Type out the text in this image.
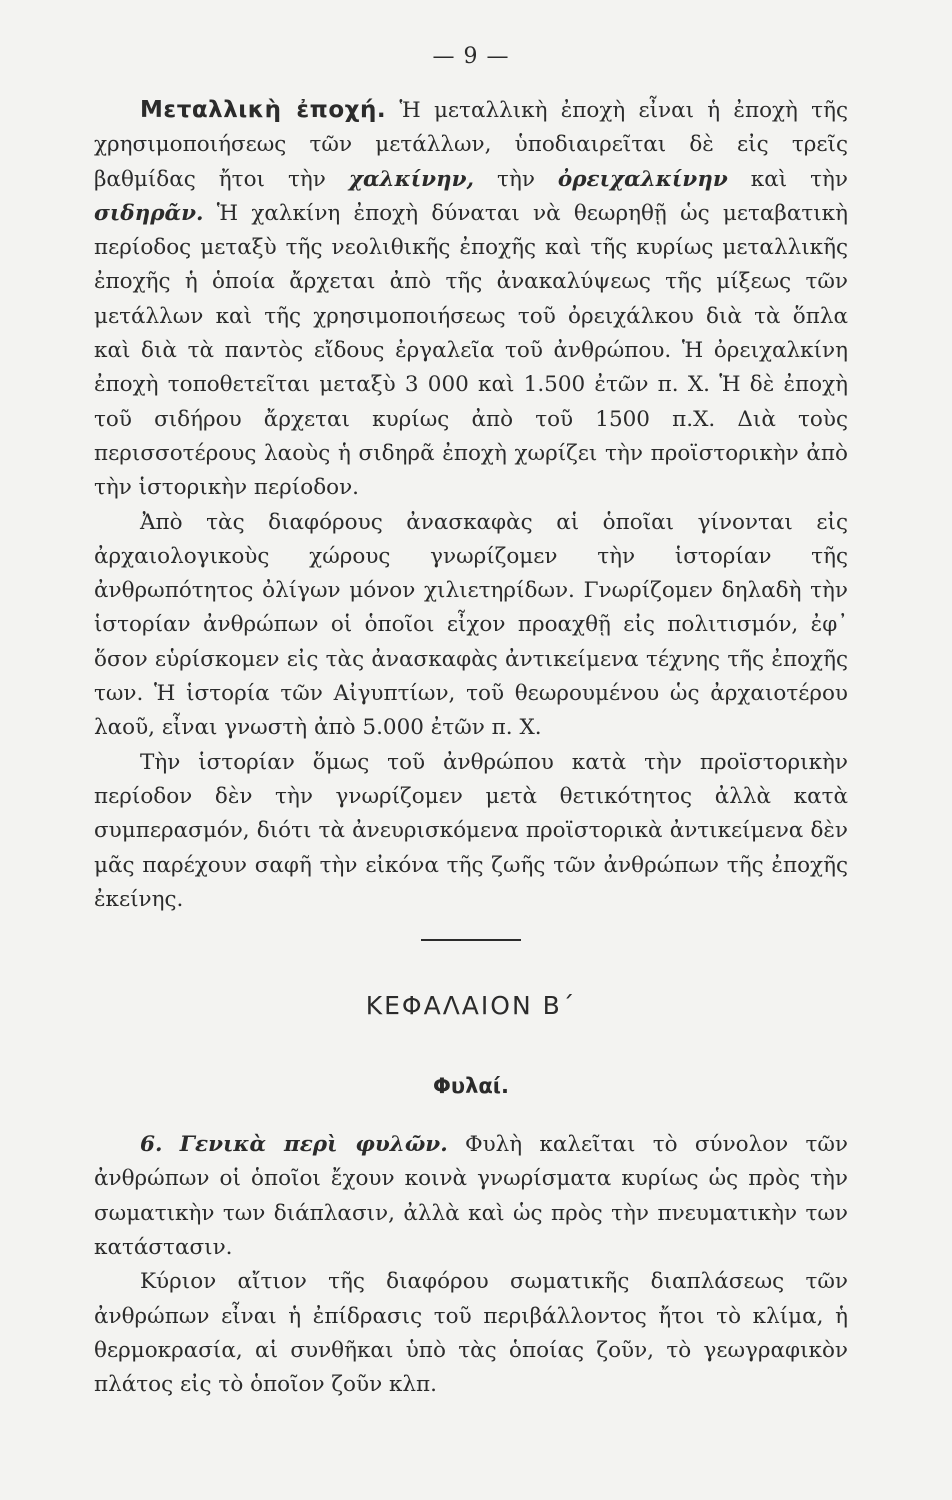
— 9 —

Μεταλλικὴ ἐποχή. Ἡ μεταλλικὴ ἐποχὴ εἶναι ἡ ἐποχὴ τῆς χρησιμοποιήσεως τῶν μετάλλων, ὑποδιαιρεῖται δὲ εἰς τρεῖς βαθμίδας ἤτοι τὴν χαλκίνην, τὴν ὀρειχαλκίνην καὶ τὴν σιδηρᾶν. Ἡ χαλκίνη ἐποχὴ δύναται νὰ θεωρηθῇ ὡς μεταβατικὴ περίοδος μεταξὺ τῆς νεολιθικῆς ἐποχῆς καὶ τῆς κυρίως μεταλλικῆς ἐποχῆς ἡ ὁποία ἄρχεται ἀπὸ τῆς ἀνακαλύψεως τῆς μίξεως τῶν μετάλλων καὶ τῆς χρησιμοποιήσεως τοῦ ὀρειχάλκου διὰ τὰ ὅπλα καὶ διὰ τὰ παντὸς εἴδους ἐργαλεῖα τοῦ ἀνθρώπου. Ἡ ὀρειχαλκίνη ἐποχὴ τοποθετεῖται μεταξὺ 3 000 καὶ 1.500 ἐτῶν π. Χ. Ἡ δὲ ἐποχὴ τοῦ σιδήρου ἄρχεται κυρίως ἀπὸ τοῦ 1500 π.Χ. Διὰ τοὺς περισσοτέρους λαοὺς ἡ σιδηρᾶ ἐποχὴ χωρίζει τὴν προϊστορικὴν ἀπὸ τὴν ἱστορικὴν περίοδον.

Ἀπὸ τὰς διαφόρους ἀνασκαφὰς αἱ ὁποῖαι γίνονται εἰς ἀρχαιολογικοὺς χώρους γνωρίζομεν τὴν ἱστορίαν τῆς ἀνθρωπότητος ὀλίγων μόνον χιλιετηρίδων. Γνωρίζομεν δηλαδὴ τὴν ἱστορίαν ἀνθρώπων οἱ ὁποῖοι εἶχον προαχθῇ εἰς πολιτισμόν, ἐφ᾽ ὅσον εὑρίσκομεν εἰς τὰς ἀνασκαφὰς ἀντικείμενα τέχνης τῆς ἐποχῆς των. Ἡ ἱστορία τῶν Αἰγυπτίων, τοῦ θεωρουμένου ὡς ἀρχαιοτέρου λαοῦ, εἶναι γνωστὴ ἀπὸ 5.000 ἐτῶν π. Χ.

Τὴν ἱστορίαν ὅμως τοῦ ἀνθρώπου κατὰ τὴν προϊστορικὴν περίοδον δὲν τὴν γνωρίζομεν μετὰ θετικότητος ἀλλὰ κατὰ συμπερασμόν, διότι τὰ ἀνευρισκόμενα προϊστορικὰ ἀντικείμενα δὲν μᾶς παρέχουν σαφῆ τὴν εἰκόνα τῆς ζωῆς τῶν ἀνθρώπων τῆς ἐποχῆς ἐκείνης.

ΚΕΦΑΛΑΙΟΝ Β΄
Φυλαί.

6. Γενικὰ περὶ φυλῶν. Φυλὴ καλεῖται τὸ σύνολον τῶν ἀνθρώπων οἱ ὁποῖοι ἔχουν κοινὰ γνωρίσματα κυρίως ὡς πρὸς τὴν σωματικὴν των διάπλασιν, ἀλλὰ καὶ ὡς πρὸς τὴν πνευματικὴν των κατάστασιν.

Κύριον αἴτιον τῆς διαφόρου σωματικῆς διαπλάσεως τῶν ἀνθρώπων εἶναι ἡ ἐπίδρασις τοῦ περιβάλλοντος ἤτοι τὸ κλίμα, ἡ θερμοκρασία, αἱ συνθῆκαι ὑπὸ τὰς ὁποίας ζοῦν, τὸ γεωγραφικὸν πλάτος εἰς τὸ ὁποῖον ζοῦν κλπ.
